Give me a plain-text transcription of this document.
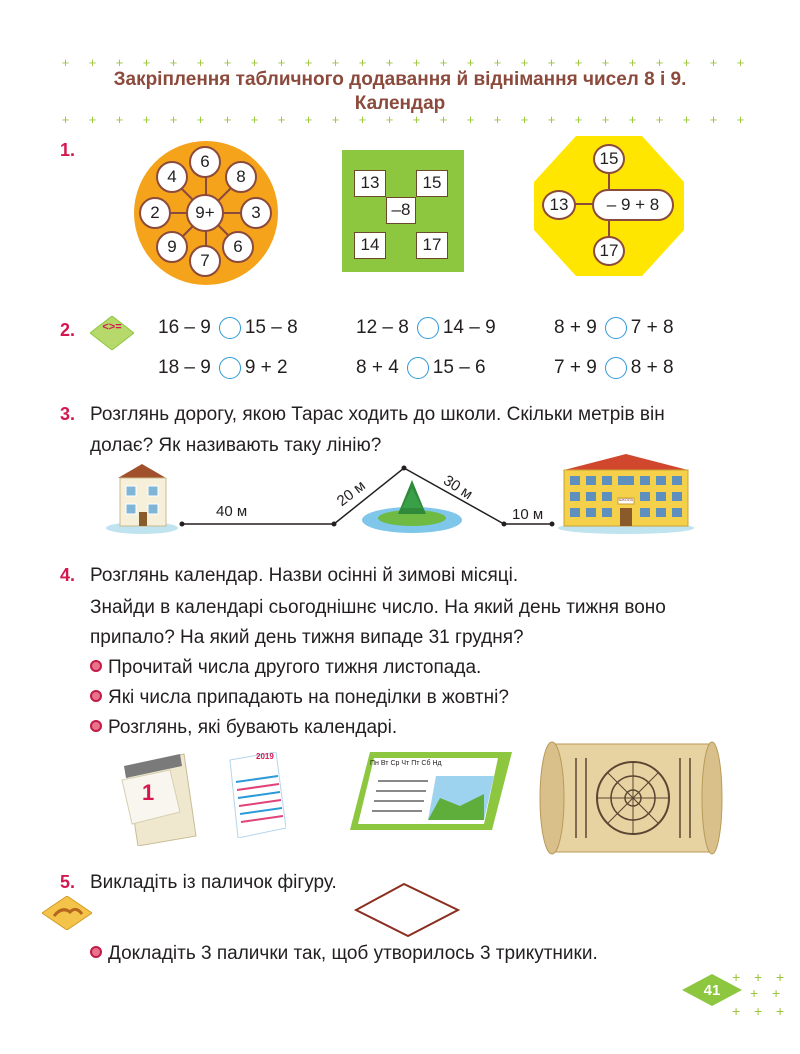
+ + + + + + + + + + + + + + + + + + + + + + + + + +
Закріплення табличного додавання й віднімання чисел 8 і 9.
Календар
+ + + + + + + + + + + + + + + + + + + + + + + + + +
1.
6
8
3
6
7
9
2
4
9+
13	15
–8
14	17
15
13	– 9 + 8
17
2.	<>= 16 – 9 15 – 8	12 – 8 14 – 9	8 + 9 7 + 8
18 – 9 9 + 2	8 + 4 15 – 6	7 + 9 8 + 8
3. Розглянь дорогу, якою Тарас ходить до школи. Скільки метрів він
долає? Як називають таку лінію?
40 м
20 м	30 м
10 м
ШКОЛА
4. Розглянь календар. Назви осінні й зимові місяці.
Знайди в календарі сьогоднішнє число. На який день тижня воно
припало? На який день тижня випаде 31 грудня?
Прочитай числа другого тижня листопада.
Які числа припадають на понеділки в жовтні?
Розглянь, які бувають календарі.
1
2019
Пн Вт Ср Чт Пт Сб Нд
5. Викладіть із паличок фігуру.
Докладіть 3 палички так, щоб утворилось 3 трикутники.
+ + +
+ +
+ + +
41
